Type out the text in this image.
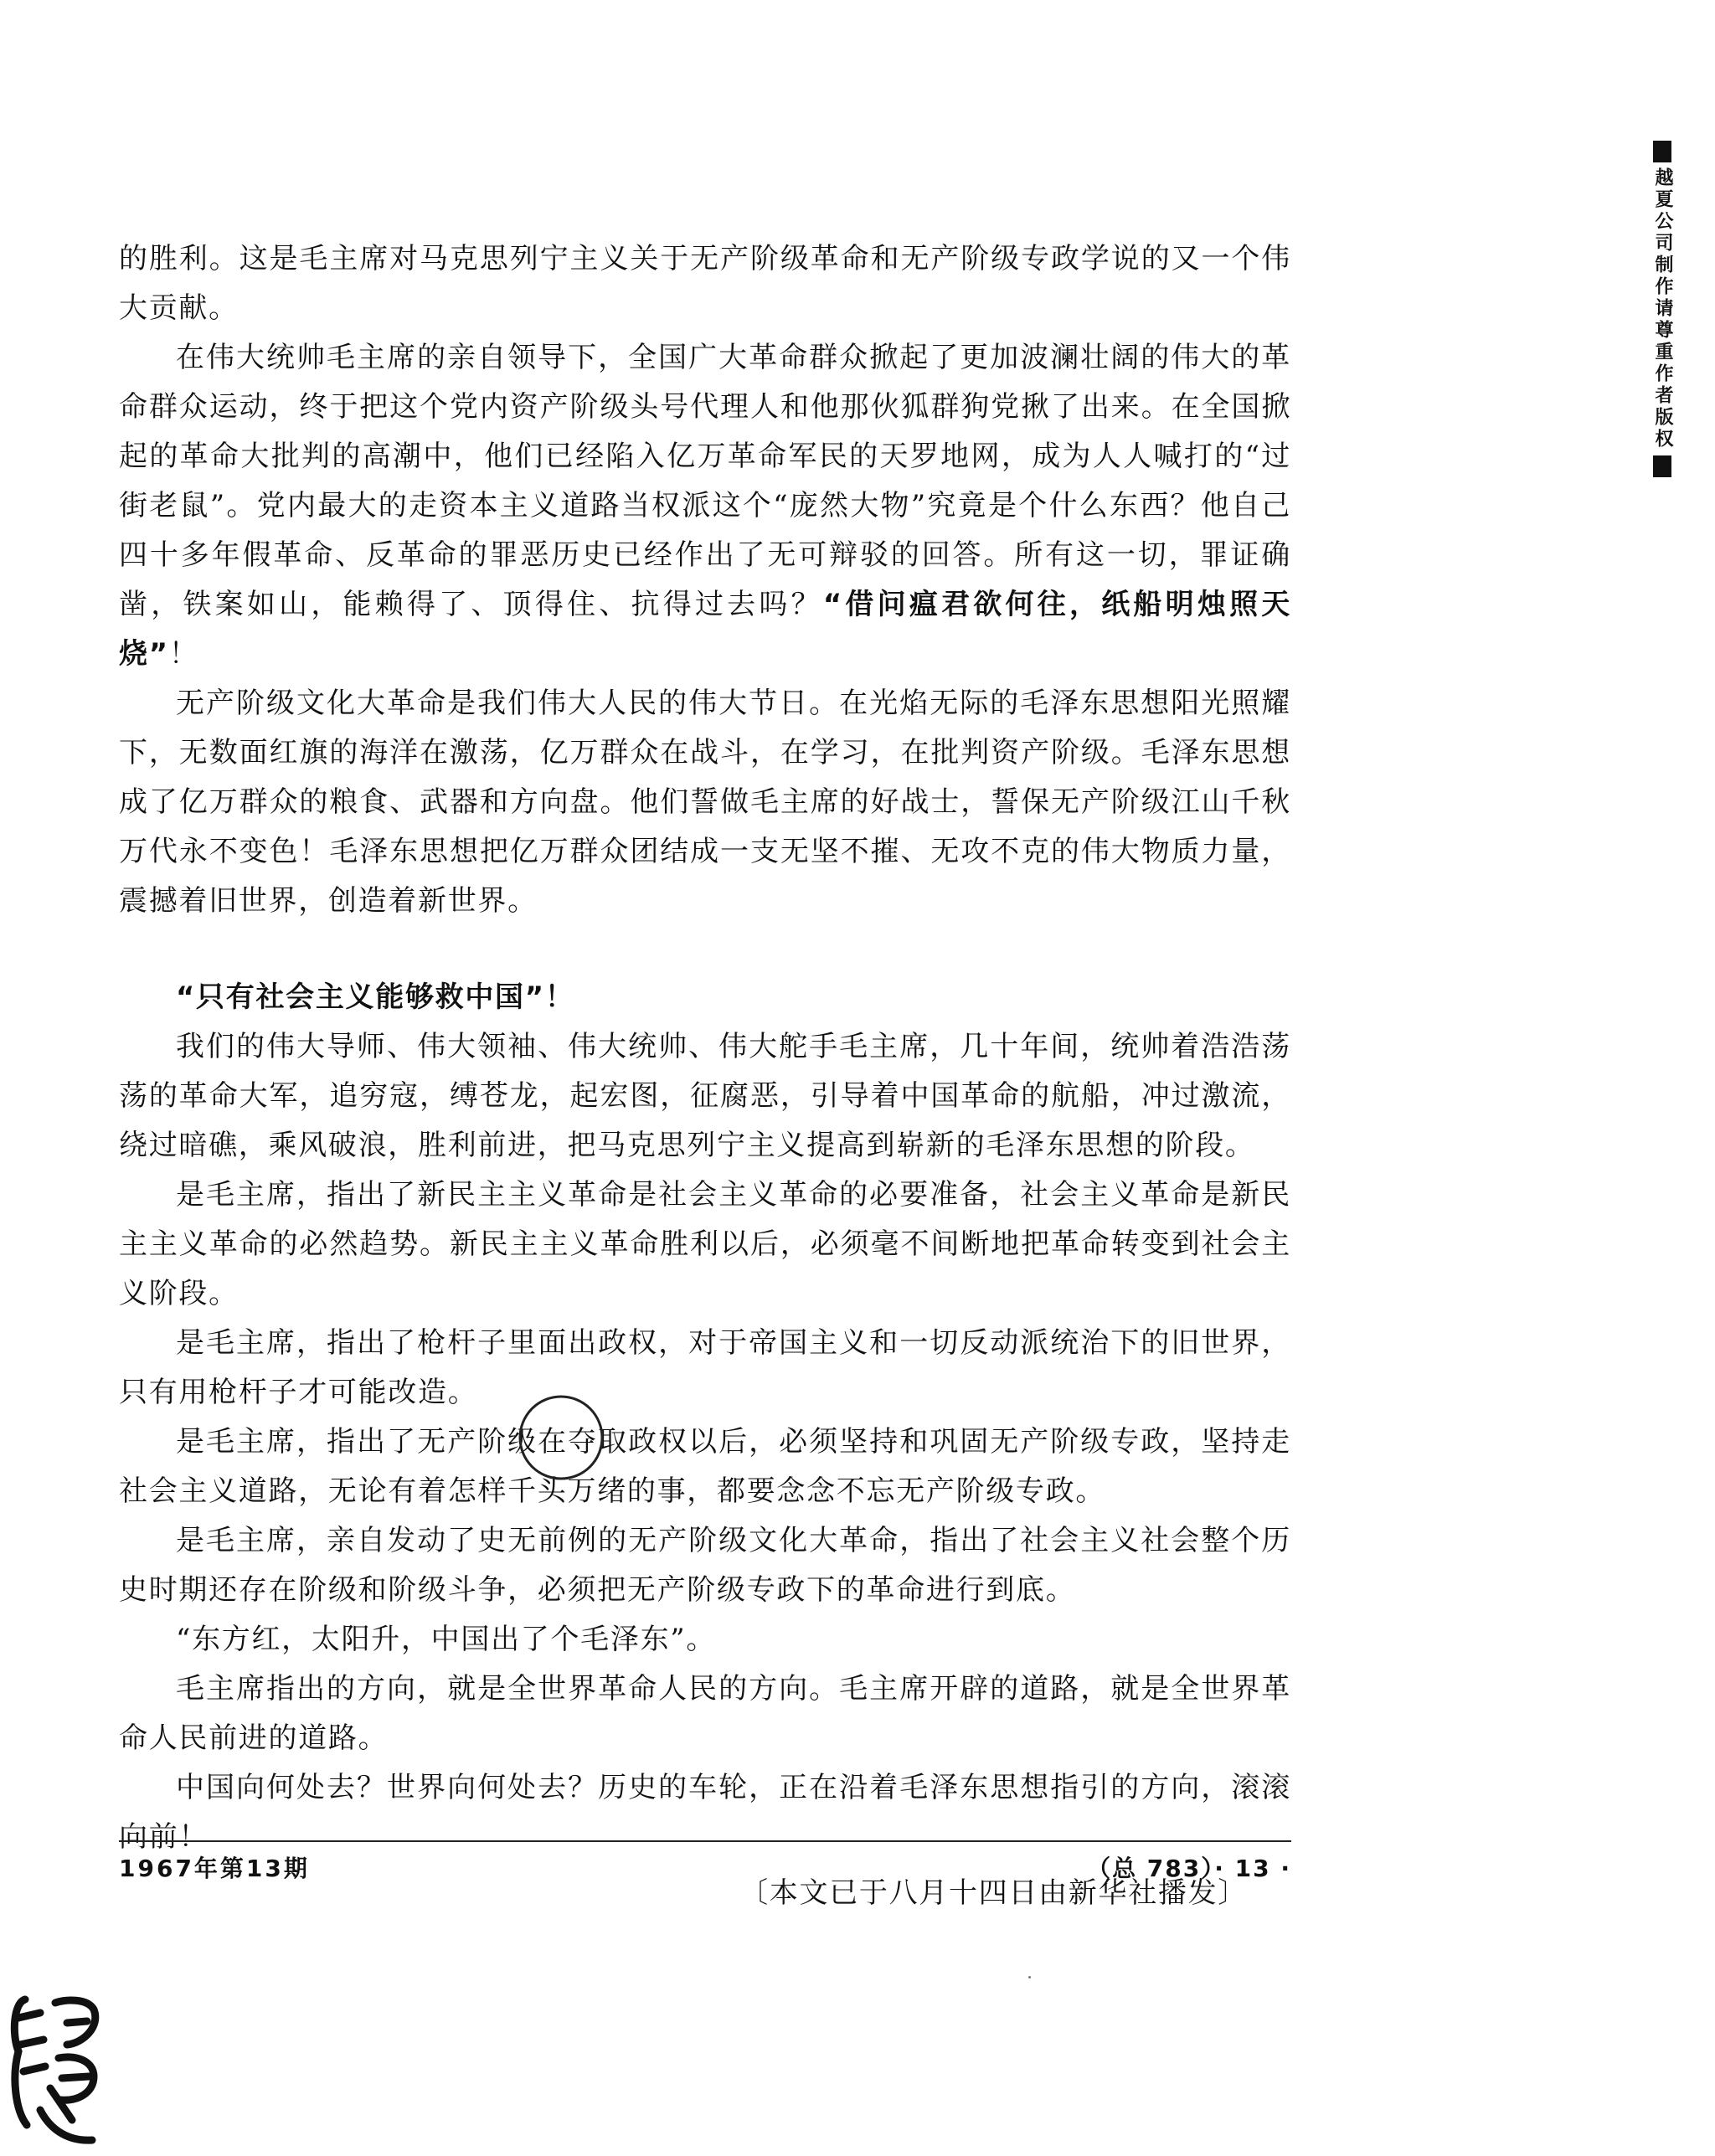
的胜利。这是毛主席对马克思列宁主义关于无产阶级革命和无产阶级专政学说的又一个伟大贡献。

在伟大统帅毛主席的亲自领导下，全国广大革命群众掀起了更加波澜壮阔的伟大的革命群众运动，终于把这个党内资产阶级头号代理人和他那伙狐群狗党揪了出来。在全国掀起的革命大批判的高潮中，他们已经陷入亿万革命军民的天罗地网，成为人人喊打的“过街老鼠”。党内最大的走资本主义道路当权派这个“庞然大物”究竟是个什么东西？他自己四十多年假革命、反革命的罪恶历史已经作出了无可辩驳的回答。所有这一切，罪证确凿，铁案如山，能赖得了、顶得住、抗得过去吗？“借问瘟君欲何往，纸船明烛照天烧”！

无产阶级文化大革命是我们伟大人民的伟大节日。在光焰无际的毛泽东思想阳光照耀下，无数面红旗的海洋在激荡，亿万群众在战斗，在学习，在批判资产阶级。毛泽东思想成了亿万群众的粮食、武器和方向盘。他们誓做毛主席的好战士，誓保无产阶级江山千秋万代永不变色！毛泽东思想把亿万群众团结成一支无坚不摧、无攻不克的伟大物质力量，震撼着旧世界，创造着新世界。

“只有社会主义能够救中国”！

我们的伟大导师、伟大领袖、伟大统帅、伟大舵手毛主席，几十年间，统帅着浩浩荡荡的革命大军，追穷寇，缚苍龙，起宏图，征腐恶，引导着中国革命的航船，冲过激流，绕过暗礁，乘风破浪，胜利前进，把马克思列宁主义提高到崭新的毛泽东思想的阶段。

是毛主席，指出了新民主主义革命是社会主义革命的必要准备，社会主义革命是新民主主义革命的必然趋势。新民主主义革命胜利以后，必须毫不间断地把革命转变到社会主义阶段。

是毛主席，指出了枪杆子里面出政权，对于帝国主义和一切反动派统治下的旧世界，只有用枪杆子才可能改造。

是毛主席，指出了无产阶级在夺取政权以后，必须坚持和巩固无产阶级专政，坚持走社会主义道路，无论有着怎样千头万绪的事，都要念念不忘无产阶级专政。

是毛主席，亲自发动了史无前例的无产阶级文化大革命，指出了社会主义社会整个历史时期还存在阶级和阶级斗争，必须把无产阶级专政下的革命进行到底。

“东方红，太阳升，中国出了个毛泽东”。

毛主席指出的方向，就是全世界革命人民的方向。毛主席开辟的道路，就是全世界革命人民前进的道路。

中国向何处去？世界向何处去？历史的车轮，正在沿着毛泽东思想指引的方向，滚滚向前！

〔本文已于八月十四日由新华社播发〕

1967年第13期	（总 783）· 13 ·
越夏公司制作请尊重作者版权
